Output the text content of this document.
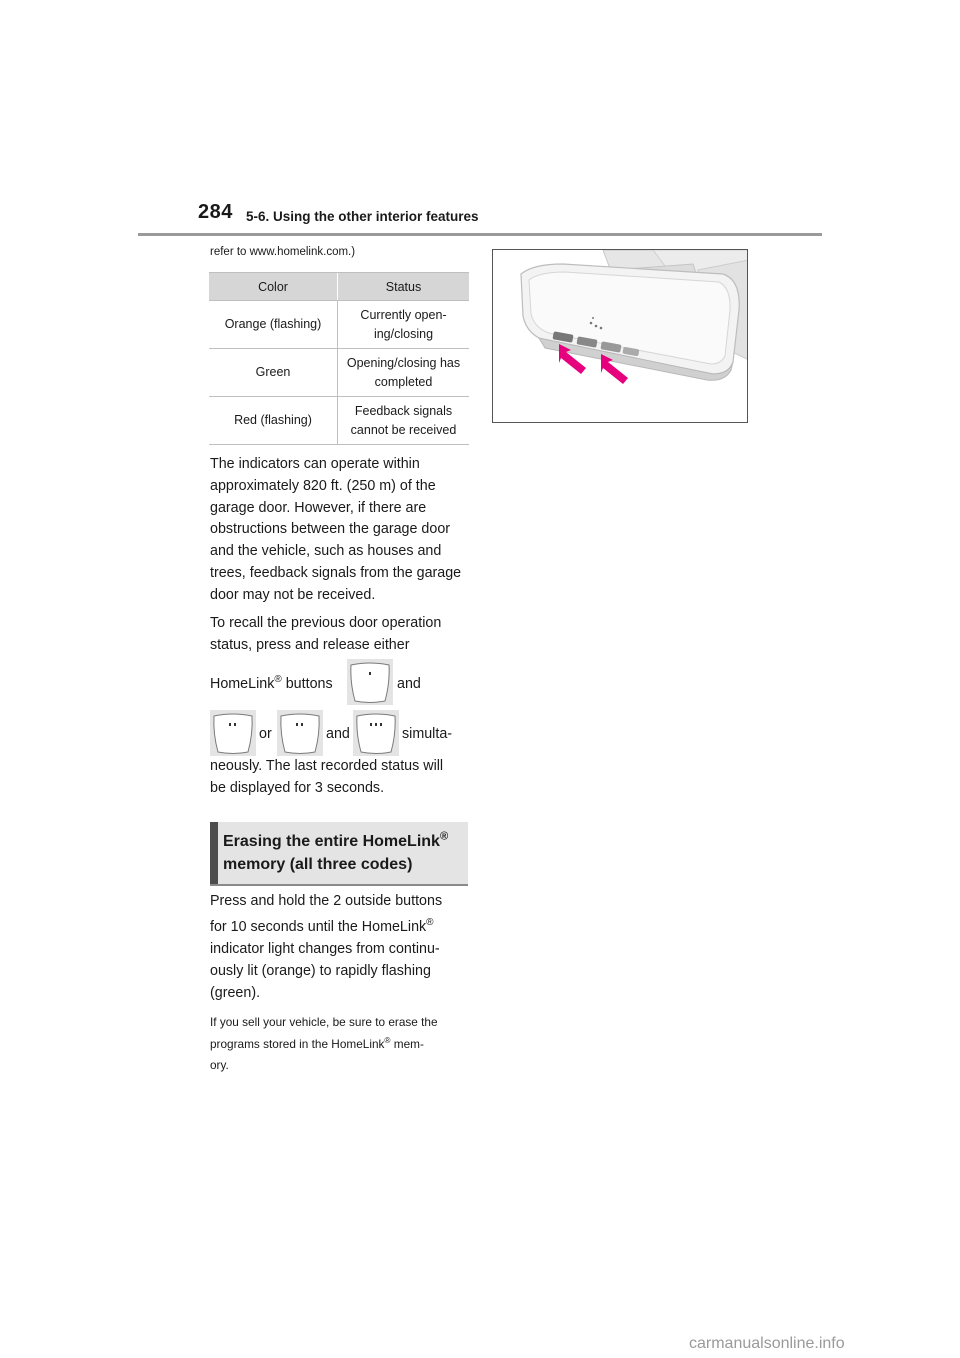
284 5-6. Using the other interior features
refer to www.homelink.com.)
Color	Status
Orange (flashing)	Currently open-ing/closing
Green	Opening/closing has completed
Red (flashing)	Feedback signals cannot be received
The indicators can operate within approximately 820 ft. (250 m) of the garage door. However, if there are obstructions between the garage door and the vehicle, such as houses and trees, feedback signals from the garage door may not be received.
To recall the previous door operation
status, press and release either
HomeLink® buttons	and
or	and	simulta-
neously. The last recorded status will
be displayed for 3 seconds.
Erasing the entire HomeLink®
memory (all three codes)
Press and hold the 2 outside buttons
for 10 seconds until the HomeLink®
indicator light changes from continu-ously lit (orange) to rapidly flashing (green).
If you sell your vehicle, be sure to erase the
programs stored in the HomeLink® mem-
ory.
carmanualsonline.info
